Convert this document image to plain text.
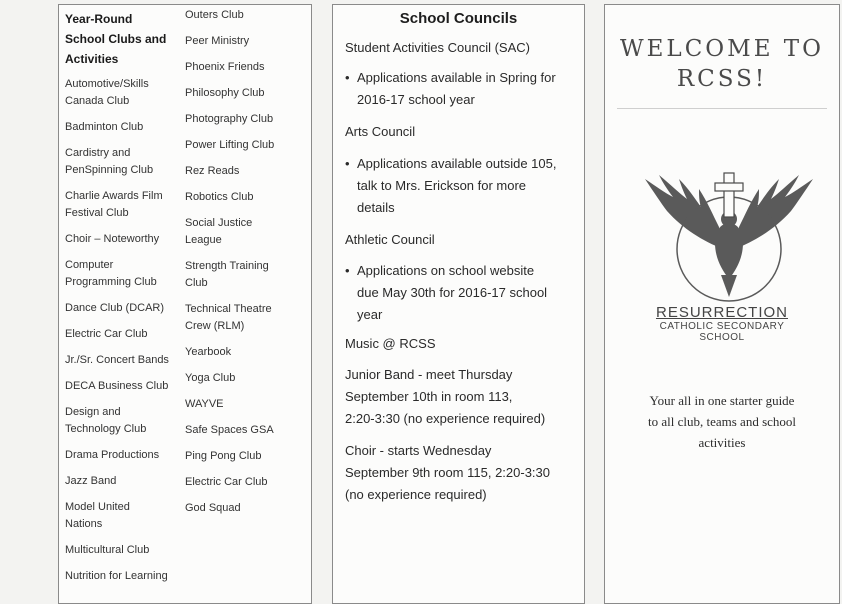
Year-Round
School Clubs and
Activities
Automotive/Skills
Canada Club
Badminton Club
Cardistry and
PenSpinning Club
Charlie Awards Film
Festival Club
Choir – Noteworthy
Computer
Programming Club
Dance Club (DCAR)
Electric Car Club
Jr./Sr. Concert Bands
DECA Business Club
Design and
Technology Club
Drama Productions
Jazz Band
Model United
Nations
Multicultural Club
Nutrition for Learning
Outers Club
Peer Ministry
Phoenix Friends
Philosophy Club
Photography Club
Power Lifting Club
Rez Reads
Robotics Club
Social Justice
League
Strength Training
Club
Technical Theatre
Crew (RLM)
Yearbook
Yoga Club
WAYVE
Safe Spaces GSA
Ping Pong Club
Electric Car Club
God Squad
School Councils
Student Activities Council (SAC)
• Applications available in Spring for
2016-17 school year
Arts Council
• Applications available outside 105,
talk to Mrs. Erickson for more
details
Athletic Council
• Applications on school website
due May 30th for 2016-17 school
year
Music @ RCSS
Junior Band - meet Thursday
September 10th in room 113,
2:20-3:30 (no experience required)
Choir - starts Wednesday
September 9th room 115, 2:20-3:30
(no experience required)
WELCOME TO
RCSS!
RESURRECTION
CATHOLIC SECONDARY
SCHOOL
Your all in one starter guide
to all club, teams and school
activities
